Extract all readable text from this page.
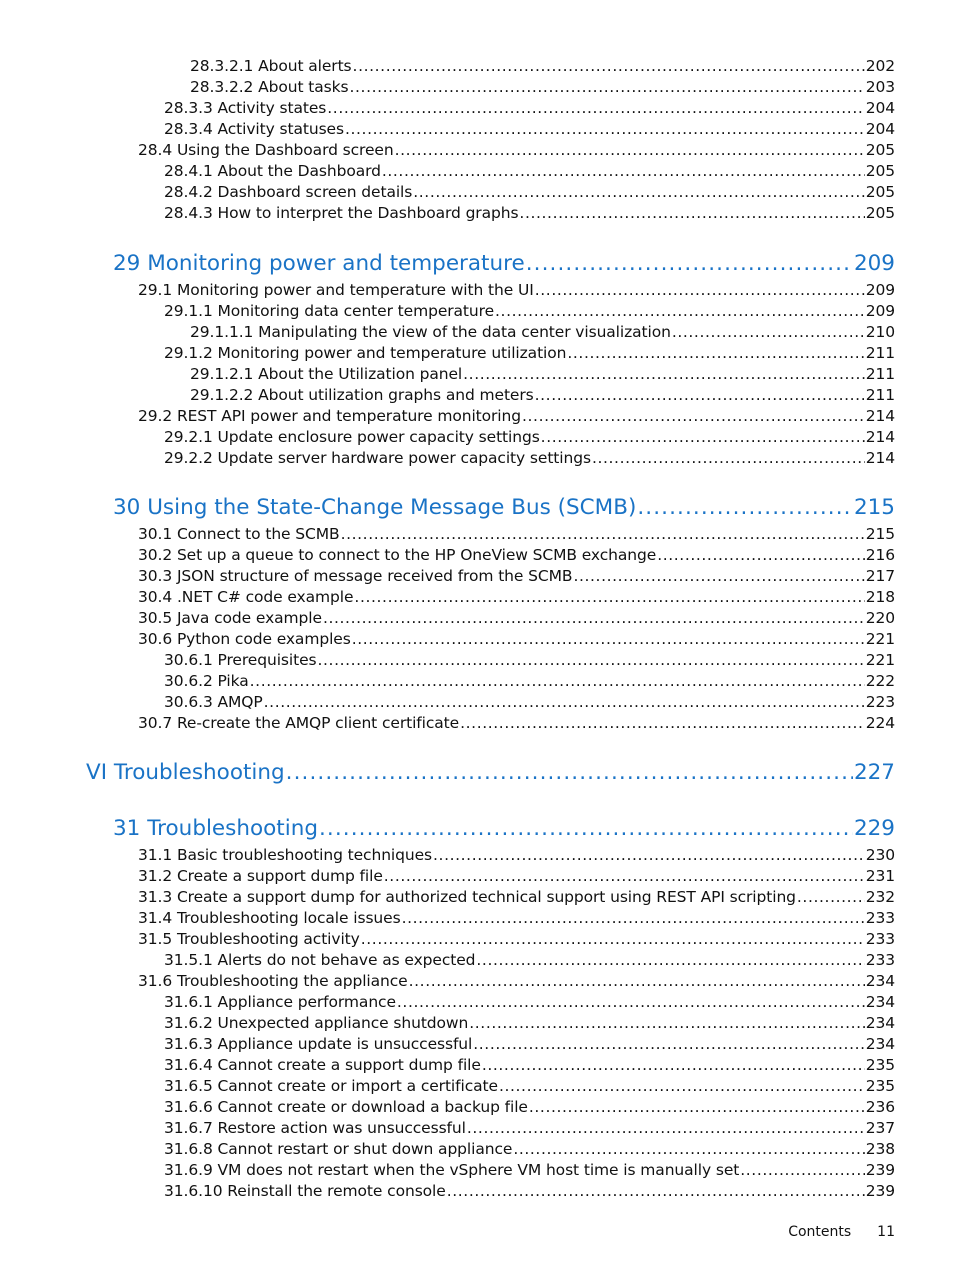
28.3.2.1 About alerts .....	202
28.3.2.2 About tasks .....	203
28.3.3 Activity states .....	204
28.3.4 Activity statuses .....	204
28.4 Using the Dashboard screen .....	205
28.4.1 About the Dashboard .....	205
28.4.2 Dashboard screen details .....	205
28.4.3 How to interpret the Dashboard graphs .....	205
29 Monitoring power and temperature .....	209
29.1 Monitoring power and temperature with the UI .....	209
29.1.1 Monitoring data center temperature .....	209
29.1.1.1 Manipulating the view of the data center visualization .....	210
29.1.2 Monitoring power and temperature utilization .....	211
29.1.2.1 About the Utilization panel .....	211
29.1.2.2 About utilization graphs and meters .....	211
29.2 REST API power and temperature monitoring .....	214
29.2.1 Update enclosure power capacity settings .....	214
29.2.2 Update server hardware power capacity settings .....	214
30 Using the State-Change Message Bus (SCMB) .....	215
30.1 Connect to the SCMB .....	215
30.2 Set up a queue to connect to the HP OneView SCMB exchange .....	216
30.3 JSON structure of message received from the SCMB .....	217
30.4 .NET C# code example .....	218
30.5 Java code example .....	220
30.6 Python code examples .....	221
30.6.1 Prerequisites .....	221
30.6.2 Pika .....	222
30.6.3 AMQP .....	223
30.7 Re-create the AMQP client certificate .....	224
VI Troubleshooting .....	227
31 Troubleshooting .....	229
31.1 Basic troubleshooting techniques .....	230
31.2 Create a support dump file .....	231
31.3 Create a support dump for authorized technical support using REST API scripting .....	232
31.4 Troubleshooting locale issues .....	233
31.5 Troubleshooting activity .....	233
31.5.1 Alerts do not behave as expected .....	233
31.6 Troubleshooting the appliance .....	234
31.6.1 Appliance performance .....	234
31.6.2 Unexpected appliance shutdown .....	234
31.6.3 Appliance update is unsuccessful .....	234
31.6.4 Cannot create a support dump file .....	235
31.6.5 Cannot create or import a certificate .....	235
31.6.6 Cannot create or download a backup file .....	236
31.6.7 Restore action was unsuccessful .....	237
31.6.8 Cannot restart or shut down appliance .....	238
31.6.9 VM does not restart when the vSphere VM host time is manually set .....	239
31.6.10 Reinstall the remote console .....	239
Contents 11
